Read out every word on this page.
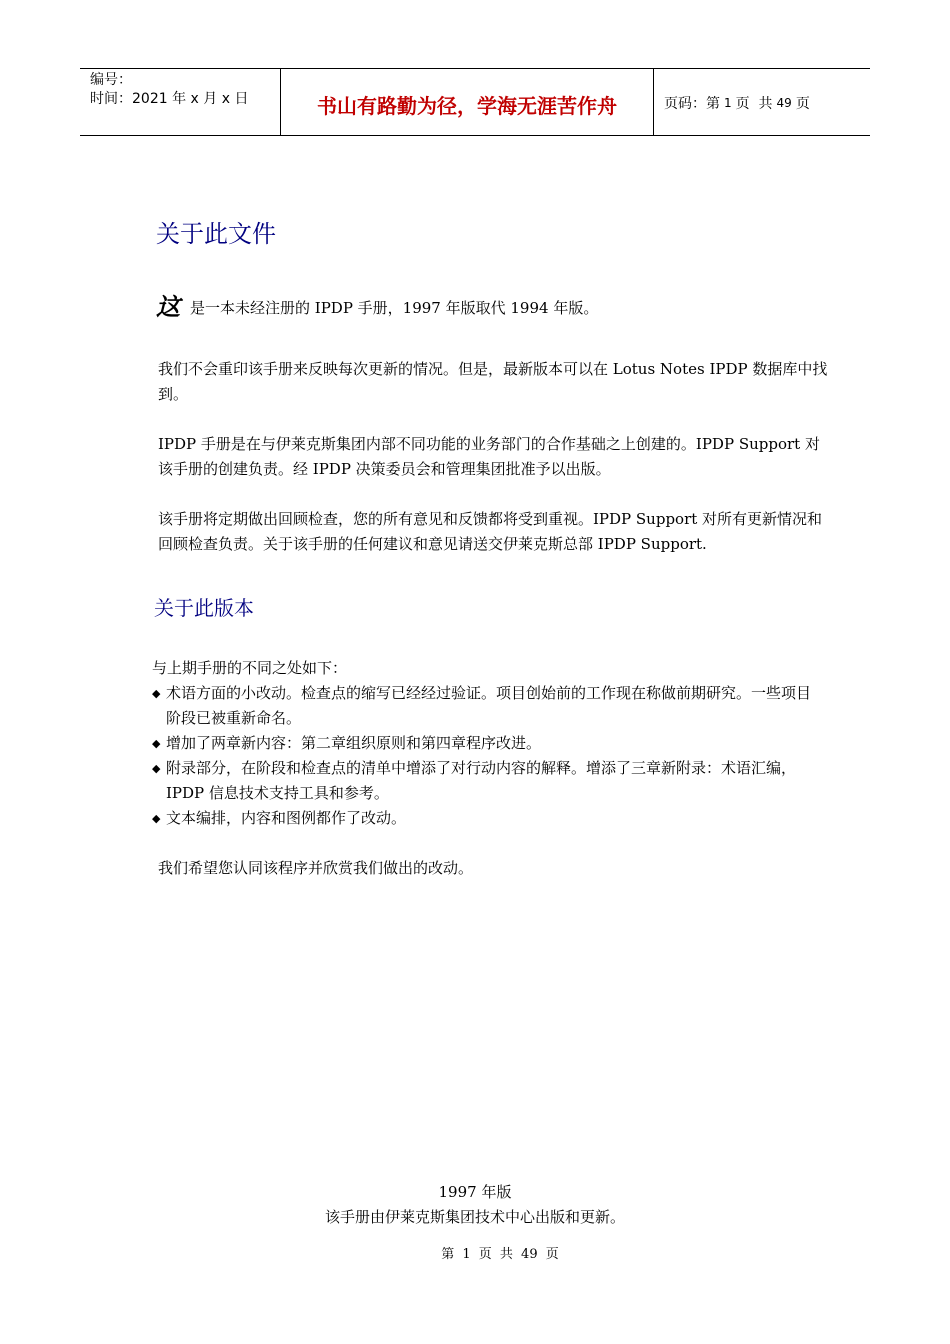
编号：
时间：2021 年 x 月 x 日	书山有路勤为径，学海无涯苦作舟	页码：第 1 页  共 49 页
关于此文件

这是一本未经注册的 IPDP 手册，1997 年版取代 1994 年版。

我们不会重印该手册来反映每次更新的情况。但是，最新版本可以在 Lotus Notes IPDP 数据库中找到。

IPDP 手册是在与伊莱克斯集团内部不同功能的业务部门的合作基础之上创建的。IPDP Support 对该手册的创建负责。经 IPDP 决策委员会和管理集团批准予以出版。

该手册将定期做出回顾检查，您的所有意见和反馈都将受到重视。IPDP Support 对所有更新情况和回顾检查负责。关于该手册的任何建议和意见请送交伊莱克斯总部 IPDP Support.

关于此版本

与上期手册的不同之处如下：

◆ 术语方面的小改动。检查点的缩写已经经过验证。项目创始前的工作现在称做前期研究。一些项目阶段已被重新命名。
◆ 增加了两章新内容：第二章组织原则和第四章程序改进。
◆ 附录部分，在阶段和检查点的清单中增添了对行动内容的解释。增添了三章新附录：术语汇编，IPDP 信息技术支持工具和参考。
◆ 文本编排，内容和图例都作了改动。

我们希望您认同该程序并欣赏我们做出的改动。

1997 年版
该手册由伊莱克斯集团技术中心出版和更新。
第 1 页 共 49 页
